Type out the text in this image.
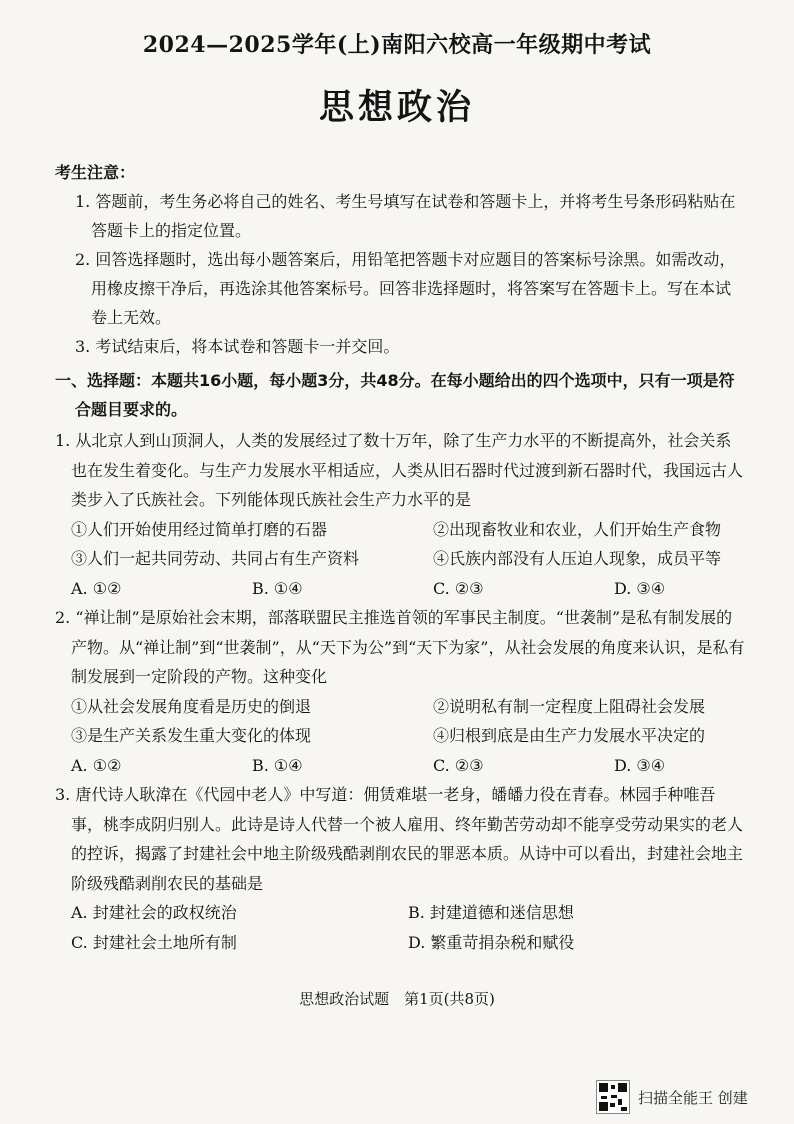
2024—2025学年(上)南阳六校高一年级期中考试
思想政治
考生注意：
1. 答题前，考生务必将自己的姓名、考生号填写在试卷和答题卡上，并将考生号条形码粘贴在答题卡上的指定位置。
2. 回答选择题时，选出每小题答案后，用铅笔把答题卡对应题目的答案标号涂黑。如需改动，用橡皮擦干净后，再选涂其他答案标号。回答非选择题时，将答案写在答题卡上。写在本试卷上无效。
3. 考试结束后，将本试卷和答题卡一并交回。
一、选择题：本题共16小题，每小题3分，共48分。在每小题给出的四个选项中，只有一项是符合题目要求的。
1. 从北京人到山顶洞人，人类的发展经过了数十万年，除了生产力水平的不断提高外，社会关系也在发生着变化。与生产力发展水平相适应，人类从旧石器时代过渡到新石器时代，我国远古人类步入了氏族社会。下列能体现氏族社会生产力水平的是
①人们开始使用经过简单打磨的石器	②出现畜牧业和农业，人们开始生产食物
③人们一起共同劳动、共同占有生产资料	④氏族内部没有人压迫人现象，成员平等
A. ①②	B. ①④	C. ②③	D. ③④
2. “禅让制”是原始社会末期，部落联盟民主推选首领的军事民主制度。“世袭制”是私有制发展的产物。从“禅让制”到“世袭制”，从“天下为公”到“天下为家”，从社会发展的角度来认识，是私有制发展到一定阶段的产物。这种变化
①从社会发展角度看是历史的倒退	②说明私有制一定程度上阻碍社会发展
③是生产关系发生重大变化的体现	④归根到底是由生产力发展水平决定的
A. ①②	B. ①④	C. ②③	D. ③④
3. 唐代诗人耿湋在《代园中老人》中写道：佣赁难堪一老身，皤皤力役在青春。林园手种唯吾事，桃李成阴归别人。此诗是诗人代替一个被人雇用、终年勤苦劳动却不能享受劳动果实的老人的控诉，揭露了封建社会中地主阶级残酷剥削农民的罪恶本质。从诗中可以看出，封建社会地主阶级残酷剥削农民的基础是
A. 封建社会的政权统治	B. 封建道德和迷信思想
C. 封建社会土地所有制	D. 繁重苛捐杂税和赋役
思想政治试题　第1页(共8页)
扫描全能王 创建
